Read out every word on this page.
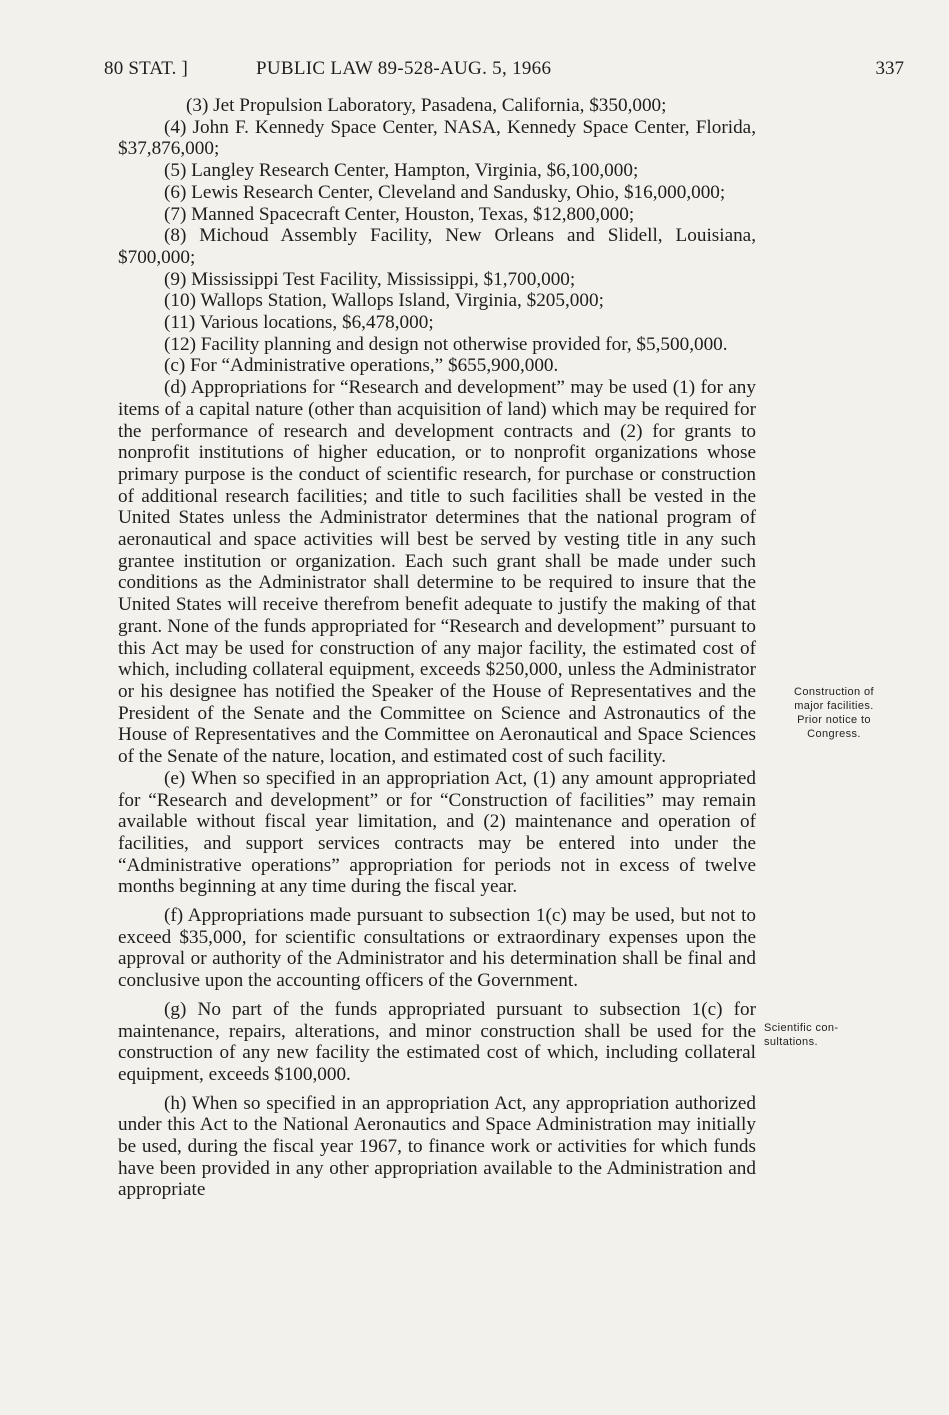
80 STAT. ]	PUBLIC LAW 89-528-AUG. 5, 1966	337

(3) Jet Propulsion Laboratory, Pasadena, California, $350,000;

(4) John F. Kennedy Space Center, NASA, Kennedy Space Center, Florida, $37,876,000;

(5) Langley Research Center, Hampton, Virginia, $6,100,000;

(6) Lewis Research Center, Cleveland and Sandusky, Ohio, $16,000,000;

(7) Manned Spacecraft Center, Houston, Texas, $12,800,000;

(8) Michoud Assembly Facility, New Orleans and Slidell, Louisiana, $700,000;

(9) Mississippi Test Facility, Mississippi, $1,700,000;

(10) Wallops Station, Wallops Island, Virginia, $205,000;

(11) Various locations, $6,478,000;

(12) Facility planning and design not otherwise provided for, $5,500,000.

(c) For “Administrative operations,” $655,900,000.

(d) Appropriations for “Research and development” may be used (1) for any items of a capital nature (other than acquisition of land) which may be required for the performance of research and development contracts and (2) for grants to nonprofit institutions of higher education, or to nonprofit organizations whose primary purpose is the conduct of scientific research, for purchase or construction of additional research facilities; and title to such facilities shall be vested in the United States unless the Administrator determines that the national program of aeronautical and space activities will best be served by vesting title in any such grantee institution or organization. Each such grant shall be made under such conditions as the Administrator shall determine to be required to insure that the United States will receive therefrom benefit adequate to justify the making of that grant. None of the funds appropriated for “Research and development” pursuant to this Act may be used for construction of any major facility, the estimated cost of which, including collateral equipment, exceeds $250,000, unless the Administrator or his designee has notified the Speaker of the House of Representatives and the President of the Senate and the Committee on Science and Astronautics of the House of Representatives and the Committee on Aeronautical and Space Sciences of the Senate of the nature, location, and estimated cost of such facility.

(e) When so specified in an appropriation Act, (1) any amount appropriated for “Research and development” or for “Construction of facilities” may remain available without fiscal year limitation, and (2) maintenance and operation of facilities, and support services contracts may be entered into under the “Administrative operations” appropriation for periods not in excess of twelve months beginning at any time during the fiscal year.

(f) Appropriations made pursuant to subsection 1(c) may be used, but not to exceed $35,000, for scientific consultations or extraordinary expenses upon the approval or authority of the Administrator and his determination shall be final and conclusive upon the accounting officers of the Government.

(g) No part of the funds appropriated pursuant to subsection 1(c) for maintenance, repairs, alterations, and minor construction shall be used for the construction of any new facility the estimated cost of which, including collateral equipment, exceeds $100,000.

(h) When so specified in an appropriation Act, any appropriation authorized under this Act to the National Aeronautics and Space Administration may initially be used, during the fiscal year 1967, to finance work or activities for which funds have been provided in any other appropriation available to the Administration and appropriate

Construction of
major facilities.
Prior notice to
Congress.
Scientific con-
sultations.
